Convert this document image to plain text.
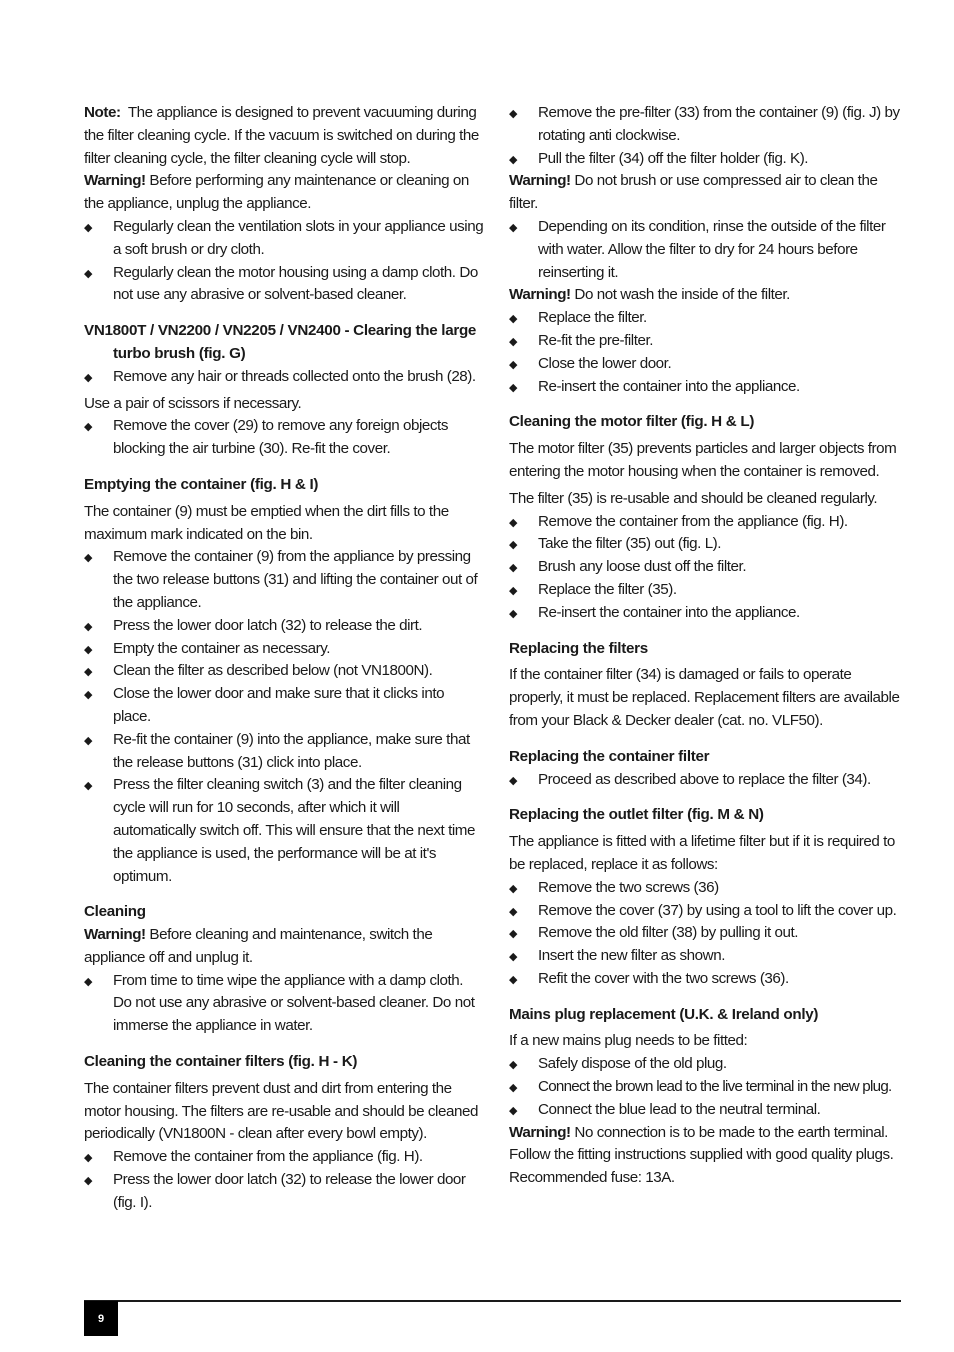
Note: The appliance is designed to prevent vacuuming during the filter cleaning cycle. If the vacuum is switched on during the filter cleaning cycle, the filter cleaning cycle will stop.

Warning! Before performing any maintenance or cleaning on the appliance, unplug the appliance.

◆ Regularly clean the ventilation slots in your appliance using a soft brush or dry cloth.
◆ Regularly clean the motor housing using a damp cloth. Do not use any abrasive or solvent-based cleaner.
VN1800T / VN2200 / VN2205 / VN2400 - Clearing the large turbo brush (fig. G)
◆ Remove any hair or threads collected onto the brush (28).

Use a pair of scissors if necessary.

◆ Remove the cover (29) to remove any foreign objects blocking the air turbine (30). Re-fit the cover.
Emptying the container (fig. H & I)

The container (9) must be emptied when the dirt fills to the maximum mark indicated on the bin.

◆ Remove the container (9) from the appliance by pressing the two release buttons (31) and lifting the container out of the appliance.
◆ Press the lower door latch (32) to release the dirt.
◆ Empty the container as necessary.
◆ Clean the filter as described below (not VN1800N).
◆ Close the lower door and make sure that it clicks into place.
◆ Re-fit the container (9) into the appliance, make sure that the release buttons (31) click into place.
◆ Press the filter cleaning switch (3) and the filter cleaning cycle will run for 10 seconds, after which it will automatically switch off. This will ensure that the next time the appliance is used, the performance will be at it's optimum.
Cleaning

Warning! Before cleaning and maintenance, switch the appliance off and unplug it.

◆ From time to time wipe the appliance with a damp cloth. Do not use any abrasive or solvent-based cleaner. Do not immerse the appliance in water.
Cleaning the container filters (fig. H - K)

The container filters prevent dust and dirt from entering the motor housing. The filters are re-usable and should be cleaned periodically (VN1800N - clean after every bowl empty).

◆ Remove the container from the appliance (fig. H).
◆ Press the lower door latch (32) to release the lower door (fig. I).
◆ Remove the pre-filter (33) from the container (9) (fig. J) by rotating anti clockwise.
◆ Pull the filter (34) off the filter holder (fig. K).

Warning! Do not brush or use compressed air to clean the filter.

◆ Depending on its condition, rinse the outside of the filter with water. Allow the filter to dry for 24 hours before reinserting it.

Warning! Do not wash the inside of the filter.

◆ Replace the filter.
◆ Re-fit the pre-filter.
◆ Close the lower door.
◆ Re-insert the container into the appliance.
Cleaning the motor filter (fig. H & L)

The motor filter (35) prevents particles and larger objects from entering the motor housing when the container is removed.

The filter (35) is re-usable and should be cleaned regularly.

◆ Remove the container from the appliance (fig. H).
◆ Take the filter (35) out (fig. L).
◆ Brush any loose dust off the filter.
◆ Replace the filter (35).
◆ Re-insert the container into the appliance.
Replacing the filters

If the container filter (34) is damaged or fails to operate properly, it must be replaced. Replacement filters are available from your Black & Decker dealer (cat. no. VLF50).

Replacing the container filter
◆ Proceed as described above to replace the filter (34).
Replacing the outlet filter (fig. M & N)

The appliance is fitted with a lifetime filter but if it is required to be replaced, replace it as follows:

◆ Remove the two screws (36)
◆ Remove the cover (37) by using a tool to lift the cover up.
◆ Remove the old filter (38) by pulling it out.
◆ Insert the new filter as shown.
◆ Refit the cover with the two screws (36).
Mains plug replacement (U.K. & Ireland only)

If a new mains plug needs to be fitted:

◆ Safely dispose of the old plug.
◆ Connect the brown lead to the live terminal in the new plug.
◆ Connect the blue lead to the neutral terminal.

Warning! No connection is to be made to the earth terminal. Follow the fitting instructions supplied with good quality plugs. Recommended fuse: 13A.

9
